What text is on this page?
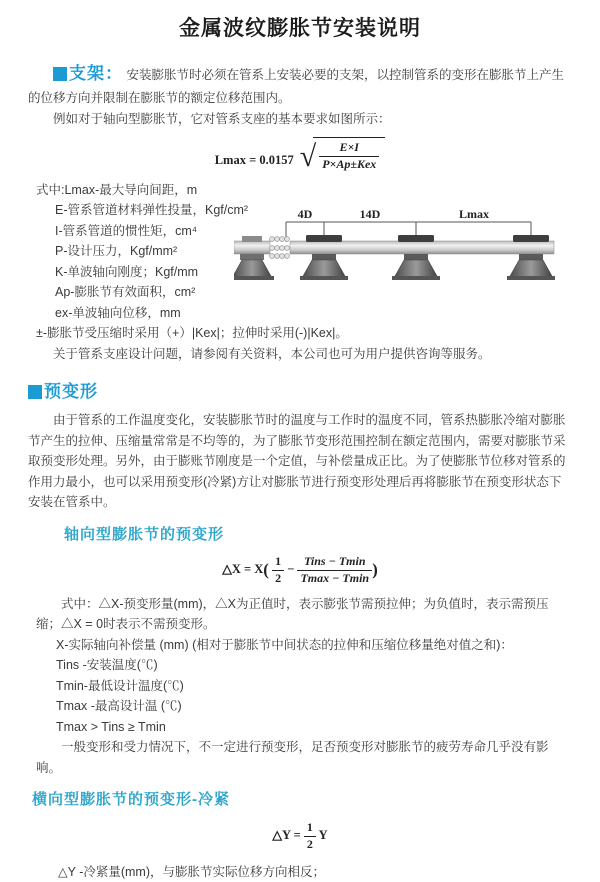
金属波纹膨胀节安装说明

支架： 安装膨胀节时必须在管系上安装必要的支架，以控制管系的变形在膨胀节上产生的位移方向并限制在膨胀节的额定位移范围内。

例如对于轴向型膨胀节，它对管系支座的基本要求如图所示：

Lmax = 0.0157 √ $\frac{E\times I}{\text{P×Ap±Kex}}$
式中:Lmax-最大导向间距，m
E-管系管道材料弹性投量，Kgf/cm²
I-管系管道的惯性矩，cm⁴
P-设计压力，Kgf/mm²
K-单波轴向刚度；Kgf/mm
Ap-膨胀节有效面积，cm²
ex-单波轴向位移，mm
4D	14D	Lmax

±-膨胀节受压缩时采用（+）|Kex|；拉伸时采用(-)|Kex|。

关于管系支座设计问题，请参阅有关资料，本公司也可为用户提供咨询等服务。

预变形

由于管系的工作温度变化，安装膨胀节时的温度与工作时的温度不同，管系热膨胀冷缩对膨胀节产生的拉伸、压缩量常常是不均等的，为了膨胀节变形范围控制在额定范围内，需要对膨胀节采取预变形处理。另外，由于膨账节刚度是一个定值，与补偿量成正比。为了使膨胀节位移对管系的作用力最小，也可以采用预变形(冷紧)方让对膨胀节进行预变形处理后再将膨胀节在预变形状态下安装在管系中。

轴向型膨胀节的预变形
△X = $X( \frac{1}{2} - \frac{\text{Tins − Tmin}}{Tmax - Tmin}$ )

式中：△X-预变形量(mm)，△X为正值时，表示膨张节需预拉伸；为负值时，表示需预压缩；△X = 0时表示不需预变形。

X-实际轴向补偿量 (mm) (相对于膨胀节中间状态的拉伸和压缩位移量绝对值之和)：

Tins -安装温度(℃)

Tmin-最低设计温度(℃)

Tmax -最高设计温 (℃)

Tmax > Tins ≥ Tmin

一般变形和受力情况下，不一定进行预变形，足否预变形对膨胀节的疲劳寿命几乎没有影响。

横向型膨胀节的预变形-冷紧
△Y = $\frac{1}{2}$ Y

△Y -冷紧量(mm)，与膨胀节实际位移方向相反；
